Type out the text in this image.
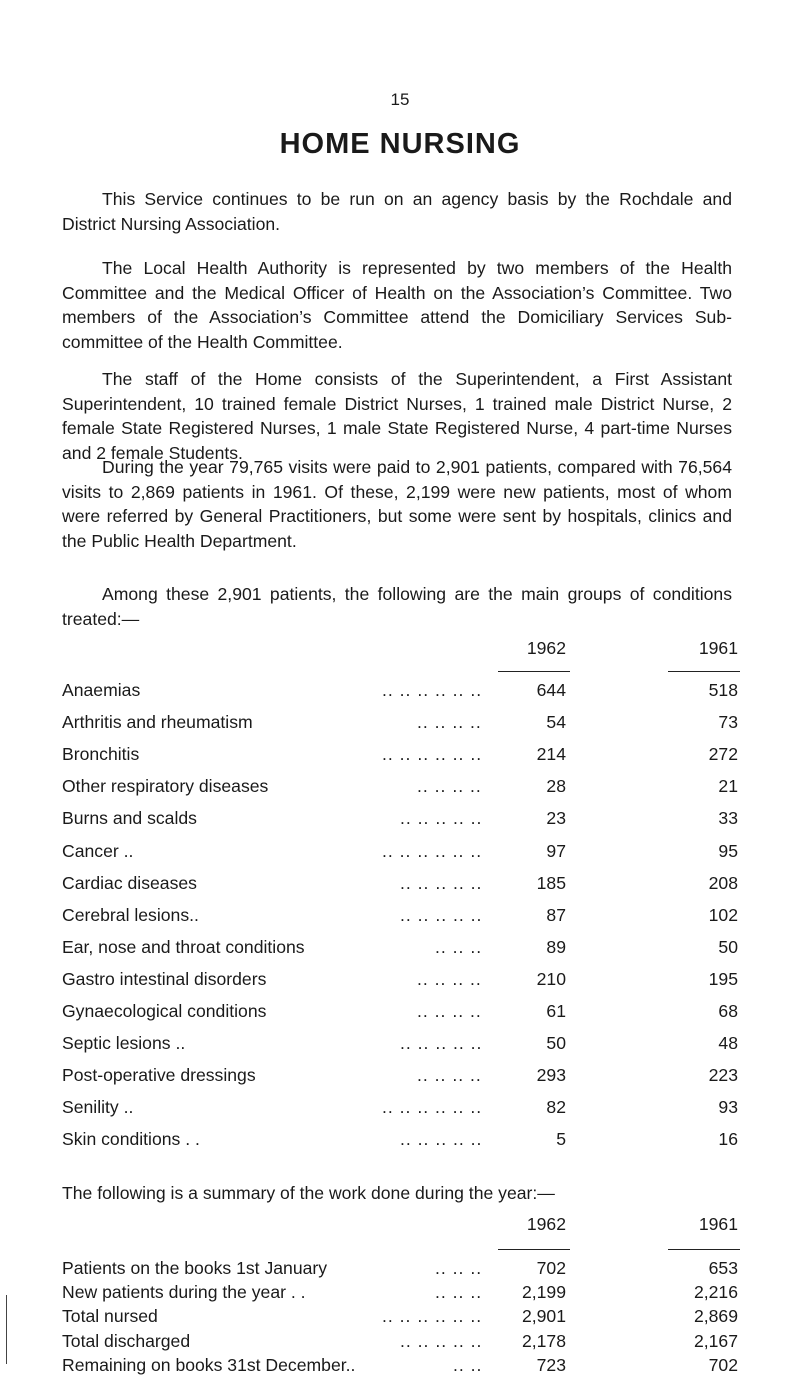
15
HOME NURSING
This Service continues to be run on an agency basis by the Rochdale and District Nursing Association.
The Local Health Authority is represented by two members of the Health Committee and the Medical Officer of Health on the Association’s Committee. Two members of the Association’s Committee attend the Domiciliary Services Sub-committee of the Health Committee.
The staff of the Home consists of the Superintendent, a First Assistant Superintendent, 10 trained female District Nurses, 1 trained male District Nurse, 2 female State Registered Nurses, 1 male State Registered Nurse, 4 part-time Nurses and 2 female Students.
During the year 79,765 visits were paid to 2,901 patients, compared with 76,564 visits to 2,869 patients in 1961. Of these, 2,199 were new patients, most of whom were referred by General Practitioners, but some were sent by hospitals, clinics and the Public Health Department.
Among these 2,901 patients, the following are the main groups of conditions treated:—
1962	1961
Anaemias	.. .. .. .. .. ..	644	518
Arthritis and rheumatism	.. .. .. ..	54	73
Bronchitis	.. .. .. .. .. ..	214	272
Other respiratory diseases	.. .. .. ..	28	21
Burns and scalds	.. .. .. .. ..	23	33
Cancer ..	.. .. .. .. .. ..	97	95
Cardiac diseases	.. .. .. .. ..	185	208
Cerebral lesions..	.. .. .. .. ..	87	102
Ear, nose and throat conditions	.. .. ..	89	50
Gastro intestinal disorders	.. .. .. ..	210	195
Gynaecological conditions	.. .. .. ..	61	68
Septic lesions ..	.. .. .. .. ..	50	48
Post-operative dressings	.. .. .. ..	293	223
Senility ..	.. .. .. .. .. ..	82	93
Skin conditions . .	.. .. .. .. ..	5	16
The following is a summary of the work done during the year:—
1962	1961
Patients on the books 1st January	.. .. ..	702	653
New patients during the year . .	.. .. ..	2,199	2,216
Total nursed	.. .. .. .. .. ..	2,901	2,869
Total discharged	.. .. .. .. ..	2,178	2,167
Remaining on books 31st December..	.. ..	723	702
